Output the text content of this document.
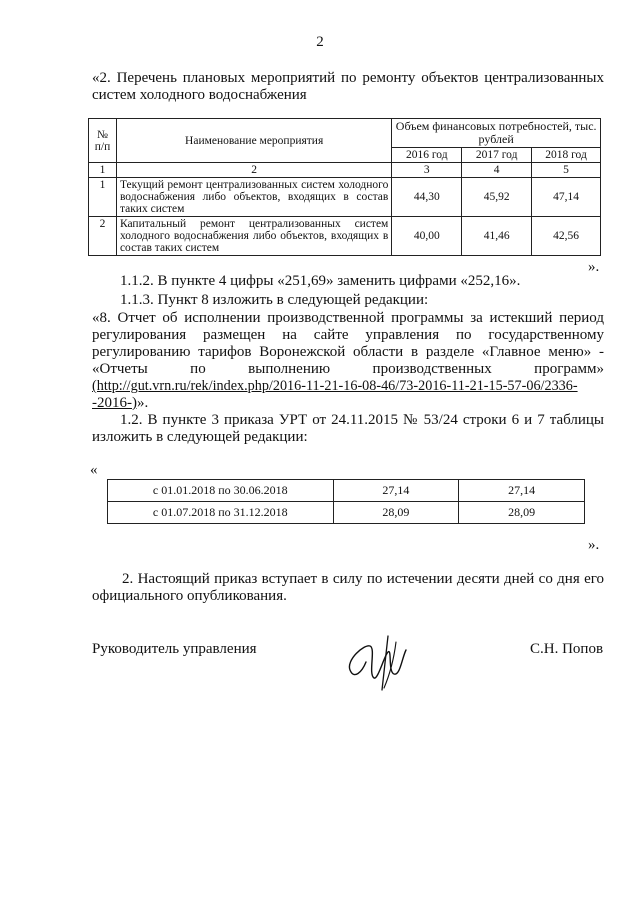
2
«2. Перечень плановых мероприятий по ремонту объектов централизованных
систем холодного водоснабжения
№ п/п	Наименование мероприятия	Объем финансовых потребностей, тыс. рублей		
		2016 год	2017 год	2018 год
1	2	3	4	5
1	Текущий ремонт централизованных систем холодного водоснабжения либо объектов, входящих в состав таких систем	44,30	45,92	47,14
2	Капитальный ремонт централизованных систем холодного водоснабжения либо объектов, входящих в состав таких систем	40,00	41,46	42,56
».
1.1.2. В пункте 4 цифры «251,69» заменить цифрами «252,16».
1.1.3. Пункт 8 изложить в следующей редакции:
«8. Отчет об исполнении производственной программы за истекший период
регулирования размещен на сайте управления по государственному
регулированию тарифов Воронежской области в разделе «Главное меню» -
«Отчеты по выполнению производственных программ»
(http://gut.vrn.ru/rek/index.php/2016-11-21-16-08-46/73-2016-11-21-15-57-06/2336-
-2016-)».
1.2. В пункте 3 приказа УРТ от 24.11.2015 № 53/24 строки 6 и 7 таблицы
изложить в следующей редакции:
«
с 01.01.2018 по 30.06.2018	27,14	27,14
с 01.07.2018 по 31.12.2018	28,09	28,09
».
2. Настоящий приказ вступает в силу по истечении десяти дней со дня его
официального опубликования.
Руководитель управления	С.Н. Попов
